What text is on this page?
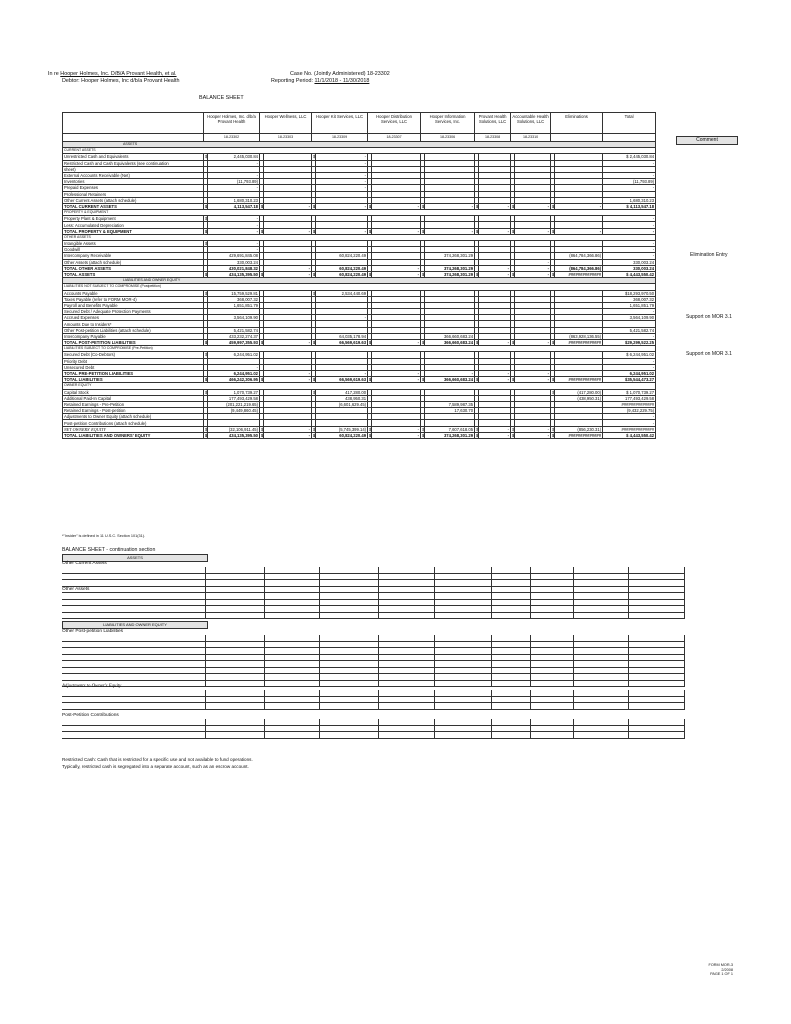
In re Hooper Holmes, Inc. D/B/A Provant Health, et al.
Debtor: Hooper Holmes, Inc d/b/a Provant Health
Case No. (Jointly Administered) 18-23302
Reporting Period: 11/1/2018 - 11/30/2018
BALANCE SHEET
Comment
Elimination Entry
Support on MOR 3.1
Support on MOR 3.1
	Hooper Holmes, Inc. d/b/a Provant Health		Hooper Wellness, LLC		Hooper Kit Services, LLC		Hooper Distribution Services, LLC		Hooper Information Services, Inc.		Provant Health Solutions, LLC		Accountable Health Solutions, LLC		Eliminations		Total
	18-23302		18-23303		18-23309		18-23307		18-23306		18-23308		18-23310				
ASSETS																	
CURRENT ASSETS																	
Unrestricted Cash and Equivalents	$	2,445,030.84			$	-											$ 2,445,030.84
Restricted Cash and Cash Equivalents (see continuation		-				-											-
sheet)																	
External Accounts Receivable (Net)		-				-											-
Inventories		(11,793.89)				-											(11,793.89)
Prepaid Expenses		-				-											-
Professional Retainers																	
Other Current Assets (attach schedule)		1,680,310.23															1,680,310.23
TOTAL CURRENT ASSETS	$	4,113,547.18	$	-	$	-	$	-	$	-	$	-	$	-	$	-	$ 4,113,547.18
PROPERTY & EQUIPMENT																	
Property Plant & Equipment	$	-															-
Less: Accumulated Depreciation		-															-
TOTAL PROPERTY & EQUIPMENT	$	-	$	-	$	-	$	-	$	-	$	-	$	-	$	-	-
OTHER ASSETS																	
Intangible Assets	$	-															-
Goodwill		-															-
Intercompany Receivable		429,691,845.08				60,824,220.49				374,268,301.29						(864,784,366.86)	-
Other Assets (attach schedule)		330,003.24												-			330,003.24
TOTAL OTHER ASSETS		430,021,848.32		-		60,824,220.49		-		374,268,301.29		-		-		(864,784,366.86)	330,003.24
TOTAL ASSETS	$	434,135,395.50	$	-	$	60,824,220.49	$	-	$	374,268,301.29	$	-	$	-	$	##############	$ 4,443,550.42
LIABILITIES AND OWNER EQUITY																	
LIABILITIES NOT SUBJECT TO COMPROMISE (Postpetition)																	
Accounts Payable	$	15,759,529.81			$	2,534,440.69											$18,293,970.50
Taxes Payable (refer to FORM MOR-4)		368,007.32															368,007.32
Payroll and Benefits Payable		1,651,851.79															1,651,851.79
Secured Debt / Adequate Protection Payments																	-
Accrued Expenses		3,564,109.90				-											3,564,109.90
Amounts Due to Insiders*																	
Other Post-petition Liabilities (attach schedule)		5,421,582.74															5,421,582.74
Intercompany Payable		433,232,274.37				64,035,178.94				366,660,683.24						(863,928,136.55)	-
TOTAL POST-PETITION LIABILITIES	$	459,997,355.93	$	-	$	66,569,619.63	$	-	$	366,660,683.24	$	-	$	-	$	##############	$29,299,522.25
LIABILITIES SUBJECT TO COMPROMISE (Pre-Petition)																	
Secured Debt (Co-Debtors)	$	6,244,951.02															$ 6,244,951.02
Priority Debt																	-
Unsecured Debt		-															-
TOTAL PRE-PETITION LIABILITIES		6,244,951.02		-		-		-		-		-		-			6,244,951.02
TOTAL LIABILITIES	$	466,242,306.95	$	-	$	66,569,619.63	$	-	$	366,660,683.24	$	-	$	-	$	##############	$35,544,473.27
OWNER EQUITY																	
Capital Stock	$	1,070,739.27			$	417,280.00									$	(417,280.00)	$ 1,070,739.27
Additional Paid-In Capital		177,493,429.58				438,950.31										(438,950.31)	177,493,429.58
Retained Earnings - Pre-Petition		(201,221,219.65)				(6,601,629.45)				7,589,987.35							##############
Retained Earnings - Post-petition		(9,449,860.45)								17,630.70							(9,432,229.75)
Adjustments to Owner Equity (attach schedule)																	-
Post-petition Contributions (attach schedule)																	-
NET OWNERS' EQUITY	$	(32,106,911.45)	$	-	$	(5,745,399.14)	$	-	$	7,607,618.05	$	-	$	-	$	(856,230.31)	##############
TOTAL LIABILITIES AND OWNERS' EQUITY	$	434,135,395.50	$	-	$	60,824,220.49	$	-	$	374,268,301.29	$	-	$	-	$	##############	$ 4,443,550.42
*"Insider" is defined in 11 U.S.C. Section 101(31).
BALANCE SHEET - continuation section
ASSETS
Other Current Assets

Other Assets

LIABILITIES AND OWNER EQUITY
Other Post-petition Liabilities

Adjustments to Owner's Equity

Post-Petition Contributions

Restricted Cash: Cash that is restricted for a specific use and not available to fund operations.
Typically, restricted cash is segregated into a separate account, such as an escrow account.
FORM MOR-3
2/2008
PAGE 1 OF 1
